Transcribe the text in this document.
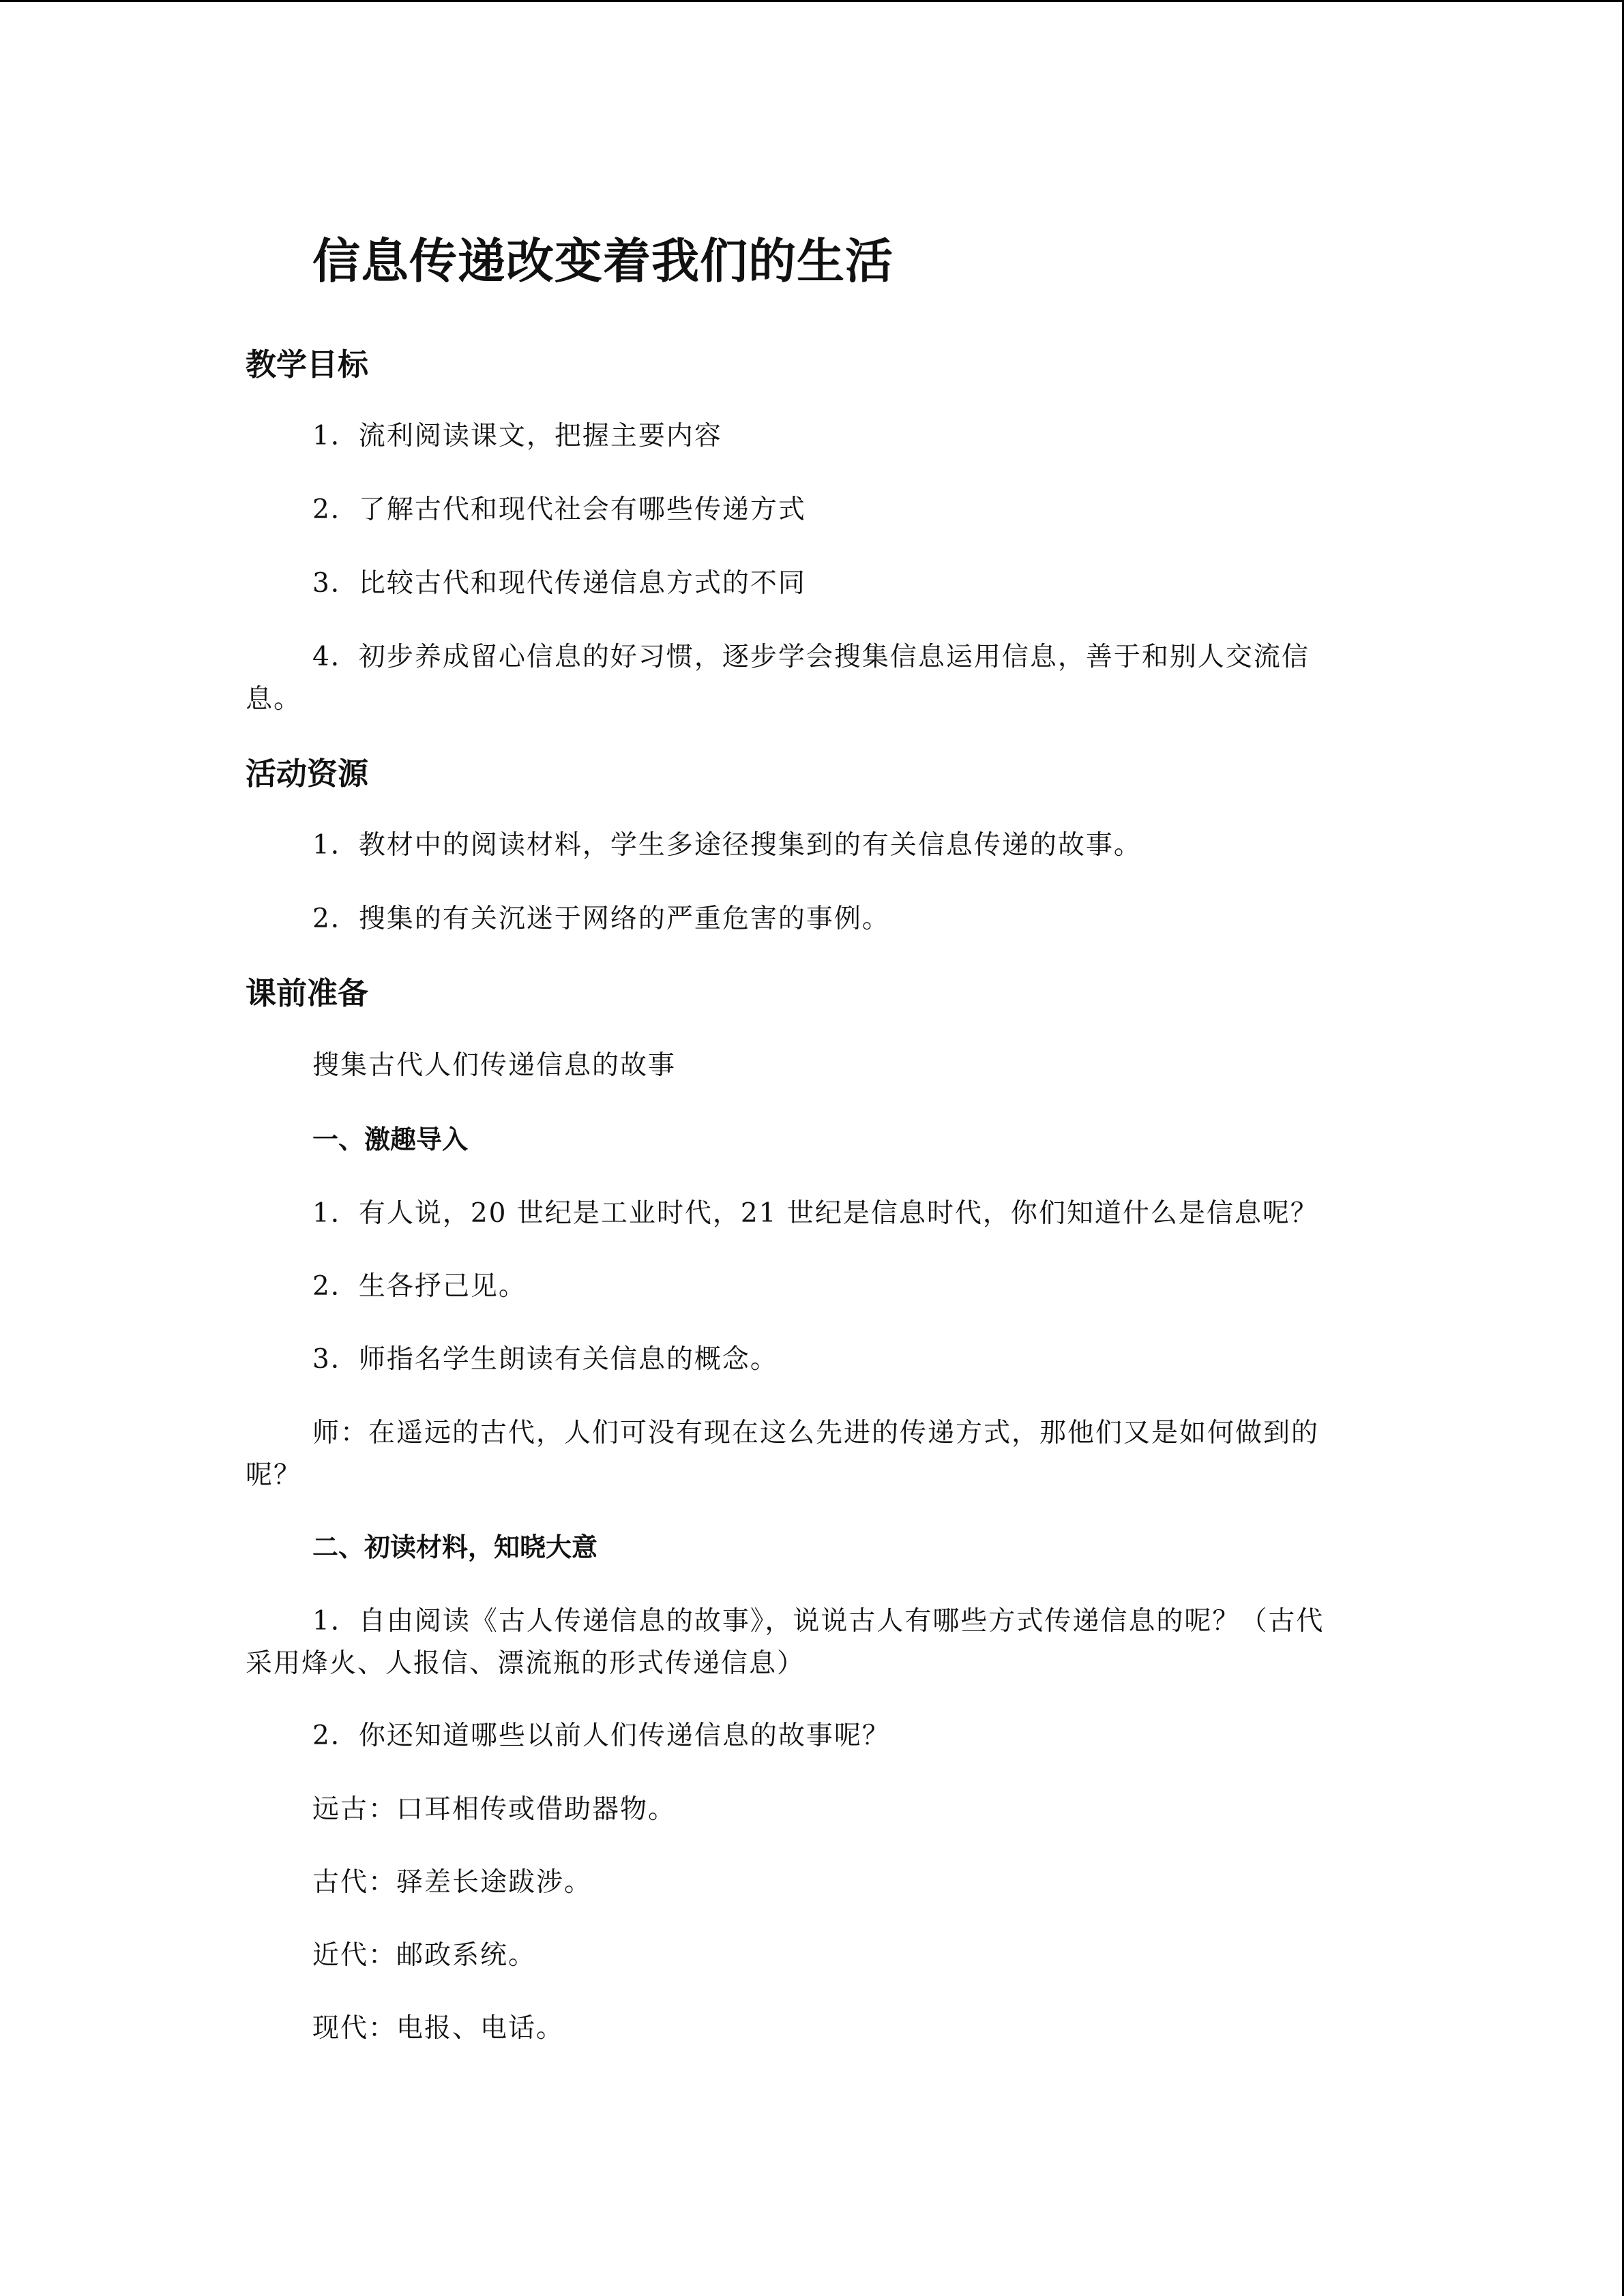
信息传递改变着我们的生活
教学目标
1．流利阅读课文，把握主要内容
2．了解古代和现代社会有哪些传递方式
3．比较古代和现代传递信息方式的不同
4．初步养成留心信息的好习惯，逐步学会搜集信息运用信息，善于和别人交流信
息。
活动资源
1．教材中的阅读材料，学生多途径搜集到的有关信息传递的故事。
2．搜集的有关沉迷于网络的严重危害的事例。
课前准备
搜集古代人们传递信息的故事
一、激趣导入
1．有人说，20 世纪是工业时代，21 世纪是信息时代，你们知道什么是信息呢？
2．生各抒己见。
3．师指名学生朗读有关信息的概念。
师：在遥远的古代，人们可没有现在这么先进的传递方式，那他们又是如何做到的
呢？
二、初读材料，知晓大意
1．自由阅读《古人传递信息的故事》，说说古人有哪些方式传递信息的呢？（古代
采用烽火、人报信、漂流瓶的形式传递信息）
2．你还知道哪些以前人们传递信息的故事呢？
远古：口耳相传或借助器物。
古代：驿差长途跋涉。
近代：邮政系统。
现代：电报、电话。
